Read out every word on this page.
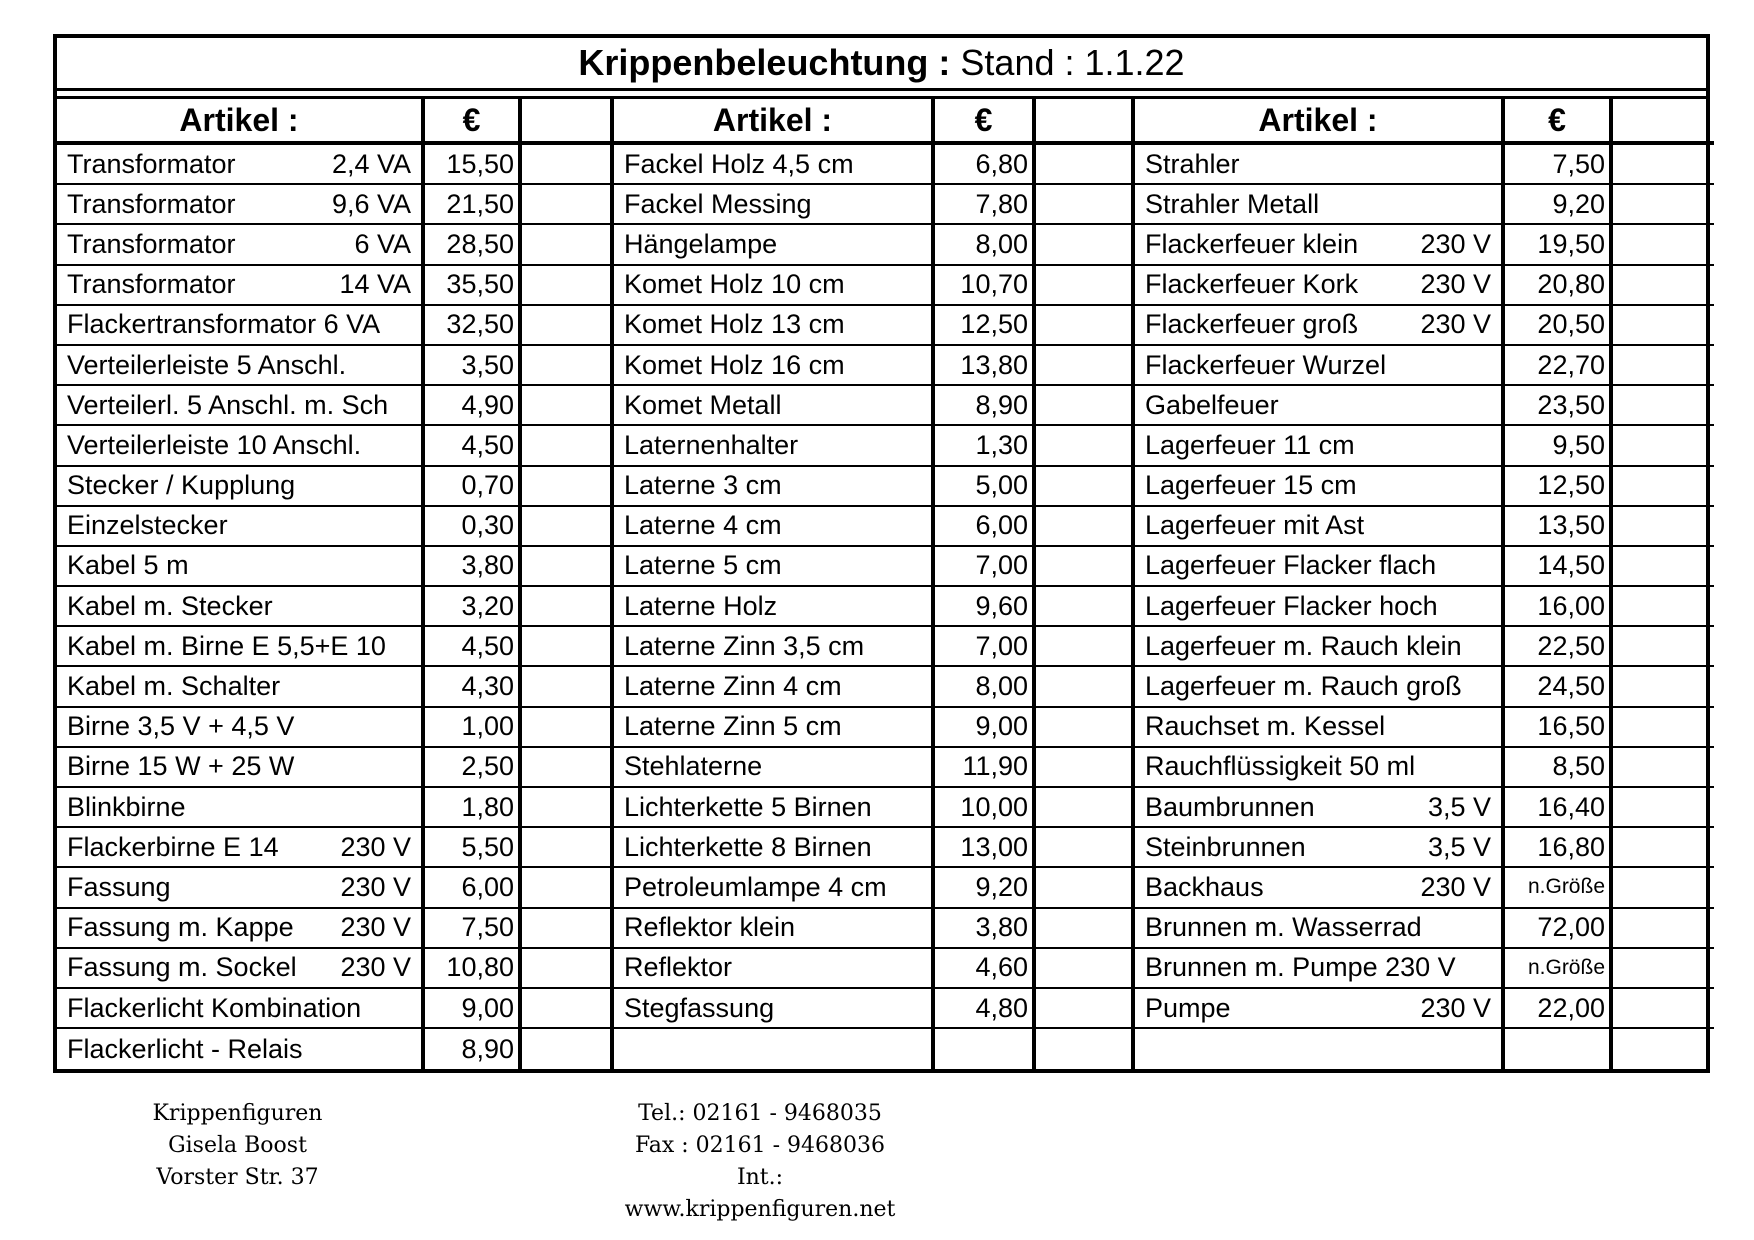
Krippenbeleuchtung : Stand : 1.1.22
Artikel :	€
Transformator	2,4 VA	15,50
Transformator	9,6 VA	21,50
Transformator	6 VA	28,50
Transformator	14 VA	35,50
Flackertransformator 6 VA	32,50
Verteilerleiste 5 Anschl.	3,50
Verteilerl. 5 Anschl. m. Sch	4,90
Verteilerleiste 10 Anschl.	4,50
Stecker / Kupplung	0,70
Einzelstecker	0,30
Kabel 5 m	3,80
Kabel m. Stecker	3,20
Kabel m. Birne E 5,5+E 10	4,50
Kabel m. Schalter	4,30
Birne 3,5 V + 4,5 V	1,00
Birne 15 W + 25 W	2,50
Blinkbirne	1,80
Flackerbirne E 14 230 V	5,50
Fassung	230 V	6,00
Fassung m. Kappe 230 V	7,50
Fassung m. Sockel 230 V	10,80
Flackerlicht Kombination	9,00
Flackerlicht - Relais	8,90
Artikel :	€
Fackel Holz 4,5 cm	6,80
Fackel Messing	7,80
Hängelampe	8,00
Komet Holz 10 cm	10,70
Komet Holz 13 cm	12,50
Komet Holz 16 cm	13,80
Komet Metall	8,90
Laternenhalter	1,30
Laterne 3 cm	5,00
Laterne 4 cm	6,00
Laterne 5 cm	7,00
Laterne Holz	9,60
Laterne Zinn 3,5 cm	7,00
Laterne Zinn 4 cm	8,00
Laterne Zinn 5 cm	9,00
Stehlaterne	11,90
Lichterkette 5 Birnen	10,00
Lichterkette 8 Birnen	13,00
Petroleumlampe 4 cm	9,20
Reflektor klein	3,80
Reflektor	4,60
Stegfassung	4,80
Artikel :	€
Strahler	7,50
Strahler Metall	9,20
Flackerfeuer klein 230 V	19,50
Flackerfeuer Kork 230 V	20,80
Flackerfeuer groß 230 V	20,50
Flackerfeuer Wurzel	22,70
Gabelfeuer	23,50
Lagerfeuer 11 cm	9,50
Lagerfeuer 15 cm	12,50
Lagerfeuer mit Ast	13,50
Lagerfeuer Flacker flach	14,50
Lagerfeuer Flacker hoch	16,00
Lagerfeuer m. Rauch klein	22,50
Lagerfeuer m. Rauch groß	24,50
Rauchset m. Kessel	16,50
Rauchflüssigkeit 50 ml	8,50
Baumbrunnen	3,5 V	16,40
Steinbrunnen	3,5 V	16,80
Backhaus	230 V	n.Größe
Brunnen m. Wasserrad	72,00
Brunnen m. Pumpe 230 V	n.Größe
Pumpe	230 V	22,00
Krippenfiguren
Gisela Boost
Vorster Str. 37
Tel.: 02161 - 9468035
Fax : 02161 - 9468036
Int.: www.krippenfiguren.net
